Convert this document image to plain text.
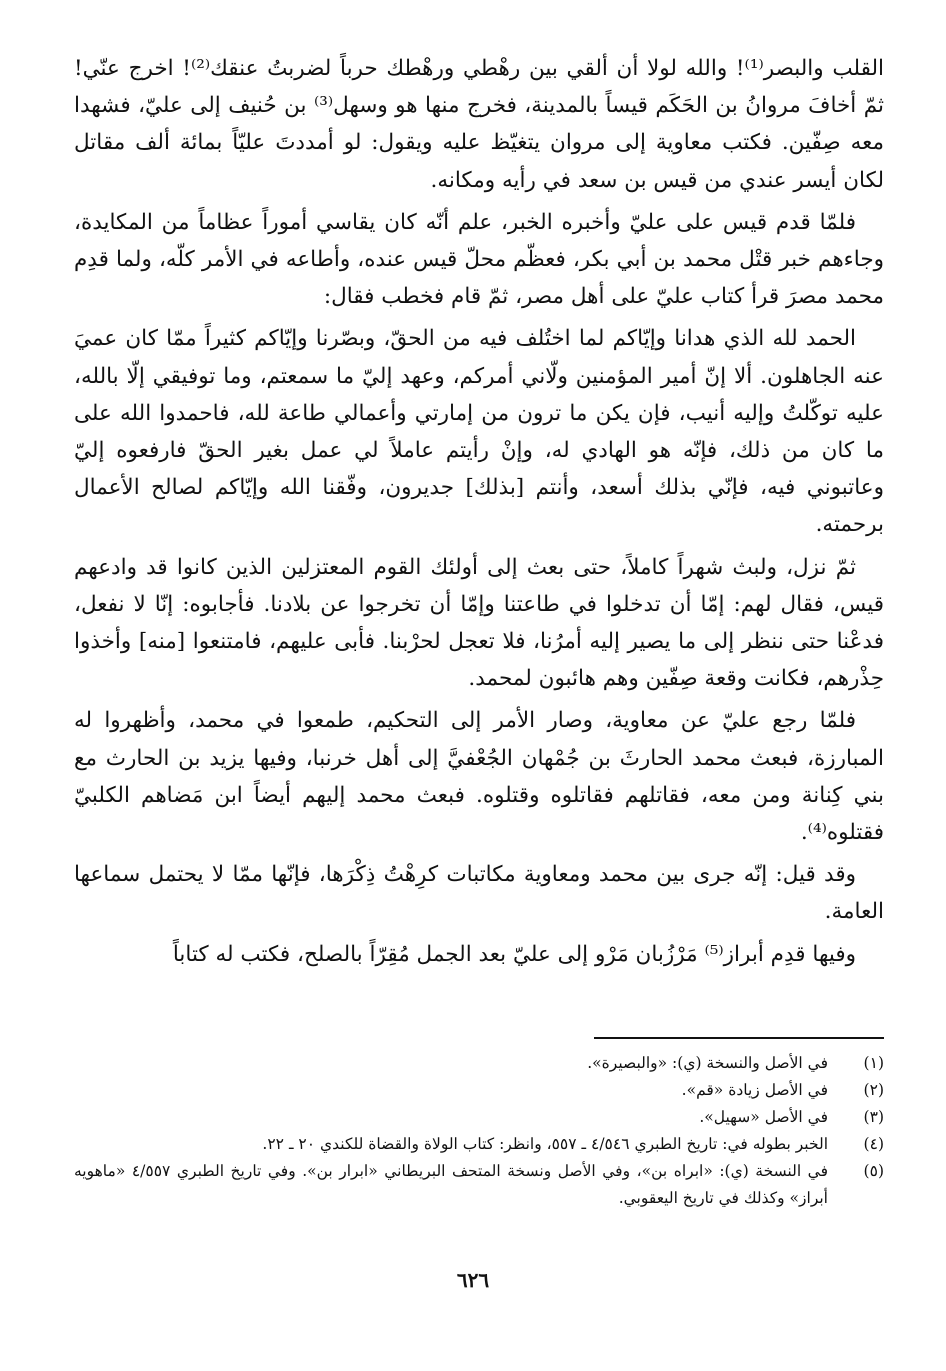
القلب والبصر⁽¹⁾! والله لولا أن ألقي بين رهْطي ورهْطك حرباً لضربتُ عنقك⁽²⁾! اخرج عنّي! ثمّ أخافَ مروانُ بن الحَكَم قيساً بالمدينة، فخرج منها هو وسهل⁽³⁾ بن حُنيف إلى عليّ، فشهدا معه صِفّين. فكتب معاوية إلى مروان يتغيّظ عليه ويقول: لو أمددتَ عليّاً بمائة ألف مقاتل لكان أيسر عندي من قيس بن سعد في رأيه ومكانه.

فلمّا قدم قيس على عليّ وأخبره الخبر، علم أنّه كان يقاسي أموراً عظاماً من المكايدة، وجاءهم خبر قتْل محمد بن أبي بكر، فعظّم محلّ قيس عنده، وأطاعه في الأمر كلّه، ولما قدِم محمد مصرَ قرأ كتاب عليّ على أهل مصر، ثمّ قام فخطب فقال:

الحمد لله الذي هدانا وإيّاكم لما اختُلف فيه من الحقّ، وبصّرنا وإيّاكم كثيراً ممّا كان عميَ عنه الجاهلون. ألا إنّ أمير المؤمنين ولّاني أمركم، وعهد إليّ ما سمعتم، وما توفيقي إلّا بالله، عليه توكّلتُ وإليه أنيب، فإن يكن ما ترون من إمارتي وأعمالي طاعة لله، فاحمدوا الله على ما كان من ذلك، فإنّه هو الهادي له، وإنْ رأيتم عاملاً لي عمل بغير الحقّ فارفعوه إليّ وعاتبوني فيه، فإنّي بذلك أسعد، وأنتم [بذلك] جديرون، وفّقنا الله وإيّاكم لصالح الأعمال برحمته.

ثمّ نزل، ولبث شهراً كاملاً، حتى بعث إلى أولئك القوم المعتزلين الذين كانوا قد وادعهم قيس، فقال لهم: إمّا أن تدخلوا في طاعتنا وإمّا أن تخرجوا عن بلادنا. فأجابوه: إنّا لا نفعل، فدعْنا حتى ننظر إلى ما يصير إليه أمرُنا، فلا تعجل لحرْبنا. فأبى عليهم، فامتنعوا [منه] وأخذوا حِذْرهم، فكانت وقعة صِفّين وهم هائبون لمحمد.

فلمّا رجع عليّ عن معاوية، وصار الأمر إلى التحكيم، طمعوا في محمد، وأظهروا له المبارزة، فبعث محمد الحارثَ بن جُمْهان الجُعْفيَّ إلى أهل خرنبا، وفيها يزيد بن الحارث مع بني كِنانة ومن معه، فقاتلهم فقاتلوه وقتلوه. فبعث محمد إليهم أيضاً ابن مَضاهم الكلبيّ فقتلوه⁽⁴⁾.

وقد قيل: إنّه جرى بين محمد ومعاوية مكاتبات كرِهْتُ ذِكْرَها، فإنّها ممّا لا يحتمل سماعها العامة.

وفيها قدِم أبراز⁽⁵⁾ مَرْزُبان مَرْو إلى عليّ بعد الجمل مُقِرّاً بالصلح، فكتب له كتاباً

(١)
في الأصل والنسخة (ي): «والبصيرة».
(٢)
في الأصل زيادة «قم».
(٣)
في الأصل «سهيل».
(٤)
الخبر بطوله في: تاريخ الطبري ٤/٥٤٦ ـ ٥٥٧، وانظر: كتاب الولاة والقضاة للكندي ٢٠ ـ ٢٢.
(٥)
في النسخة (ي): «ابراه بن»، وفي الأصل ونسخة المتحف البريطاني «ابرار بن». وفي تاريخ الطبري ٤/٥٥٧ «ماهويه أبراز» وكذلك في تاريخ اليعقوبي.
٦٢٦
